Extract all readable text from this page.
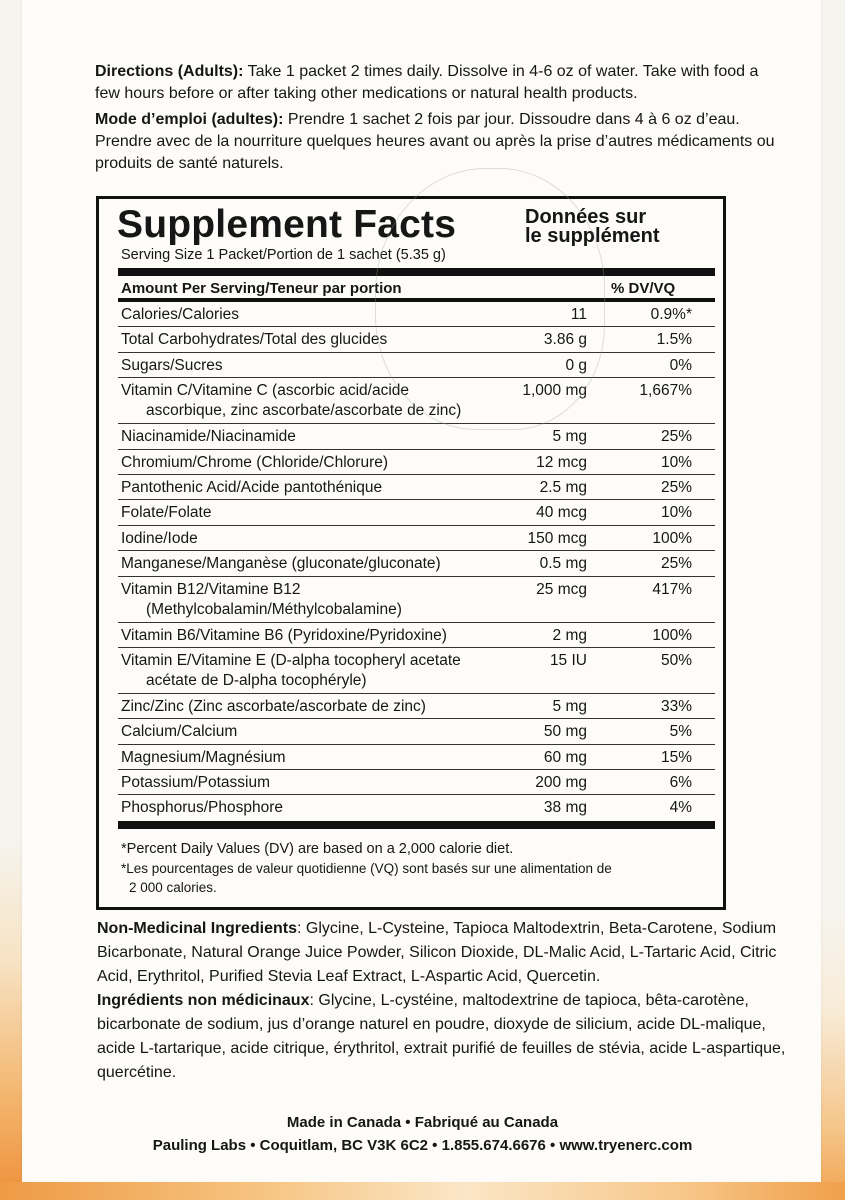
Directions (Adults): Take 1 packet 2 times daily. Dissolve in 4-6 oz of water. Take with food a few hours before or after taking other medications or natural health products.

Mode d’emploi (adultes): Prendre 1 sachet 2 fois par jour. Dissoudre dans 4 à 6 oz d’eau. Prendre avec de la nourriture quelques heures avant ou après la prise d’autres médicaments ou produits de santé naturels.

Supplement Facts	Données sur
le supplément
Serving Size 1 Packet/Portion de 1 sachet (5.35 g)
Amount Per Serving/Teneur par portion	% DV/VQ
Calories/Calories	11	0.9%*
Total Carbohydrates/Total des glucides	3.86 g	1.5%
Sugars/Sucres	0 g	0%
Vitamin C/Vitamine C (ascorbic acid/acide
ascorbique, zinc ascorbate/ascorbate de zinc)
1,000 mg	1,667%
Niacinamide/Niacinamide	5 mg	25%
Chromium/Chrome (Chloride/Chlorure)	12 mcg	10%
Pantothenic Acid/Acide pantothénique	2.5 mg	25%
Folate/Folate	40 mcg	10%
Iodine/Iode	150 mcg	100%
Manganese/Manganèse (gluconate/gluconate)	0.5 mg	25%
Vitamin B12/Vitamine B12
(Methylcobalamin/Méthylcobalamine)
25 mcg	417%
Vitamin B6/Vitamine B6 (Pyridoxine/Pyridoxine)	2 mg	100%
Vitamin E/Vitamine E (D-alpha tocopheryl acetate
acétate de D-alpha tocophéryle)
15 IU	50%
Zinc/Zinc (Zinc ascorbate/ascorbate de zinc)	5 mg	33%
Calcium/Calcium	50 mg	5%
Magnesium/Magnésium	60 mg	15%
Potassium/Potassium	200 mg	6%
Phosphorus/Phosphore	38 mg	4%
*Percent Daily Values (DV) are based on a 2,000 calorie diet.
*Les pourcentages de valeur quotidienne (VQ) sont basés sur une alimentation de
2 000 calories.

Non-Medicinal Ingredients: Glycine, L-Cysteine, Tapioca Maltodextrin, Beta-Carotene, Sodium Bicarbonate, Natural Orange Juice Powder, Silicon Dioxide, DL-Malic Acid, L-Tartaric Acid, Citric Acid, Erythritol, Purified Stevia Leaf Extract, L-Aspartic Acid, Quercetin.

Ingrédients non médicinaux: Glycine, L-cystéine, maltodextrine de tapioca, bêta-carotène, bicarbonate de sodium, jus d’orange naturel en poudre, dioxyde de silicium, acide DL-malique, acide L-tartarique, acide citrique, érythritol, extrait purifié de feuilles de stévia, acide L-aspartique, quercétine.

Made in Canada • Fabriqué au Canada
Pauling Labs • Coquitlam, BC V3K 6C2 • 1.855.674.6676 • www.tryenerc.com
